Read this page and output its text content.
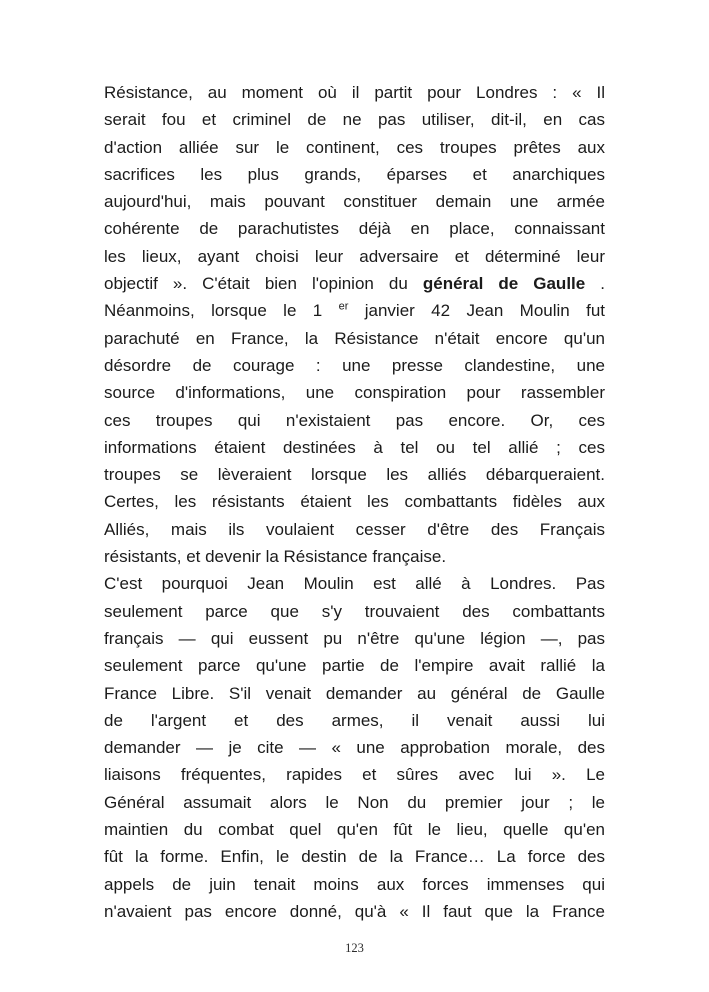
Résistance, au moment où il partit pour Londres : « Il
serait fou et criminel de ne pas utiliser, dit-il, en cas
d'action alliée sur le continent, ces troupes prêtes aux
sacrifices les plus grands, éparses et anarchiques
aujourd'hui, mais pouvant constituer demain une armée
cohérente de parachutistes déjà en place, connaissant
les lieux, ayant choisi leur adversaire et déterminé leur
objectif ». C'était bien l'opinion du général de Gaulle .
Néanmoins, lorsque le 1 $^{er}$ janvier 42 Jean Moulin fut
parachuté en France, la Résistance n'était encore qu'un
désordre de courage : une presse clandestine, une
source d'informations, une conspiration pour rassembler
ces troupes qui n'existaient pas encore. Or, ces
informations étaient destinées à tel ou tel allié ; ces
troupes se lèveraient lorsque les alliés débarqueraient.
Certes, les résistants étaient les combattants fidèles aux
Alliés, mais ils voulaient cesser d'être des Français
résistants, et devenir la Résistance française.
C'est pourquoi Jean Moulin est allé à Londres. Pas
seulement parce que s'y trouvaient des combattants
français — qui eussent pu n'être qu'une légion —, pas
seulement parce qu'une partie de l'empire avait rallié la
France Libre. S'il venait demander au général de Gaulle
de l'argent et des armes, il venait aussi lui
demander — je cite — « une approbation morale, des
liaisons fréquentes, rapides et sûres avec lui ». Le
Général assumait alors le Non du premier jour ; le
maintien du combat quel qu'en fût le lieu, quelle qu'en
fût la forme. Enfin, le destin de la France… La force des
appels de juin tenait moins aux forces immenses qui
n'avaient pas encore donné, qu'à « Il faut que la France
123
